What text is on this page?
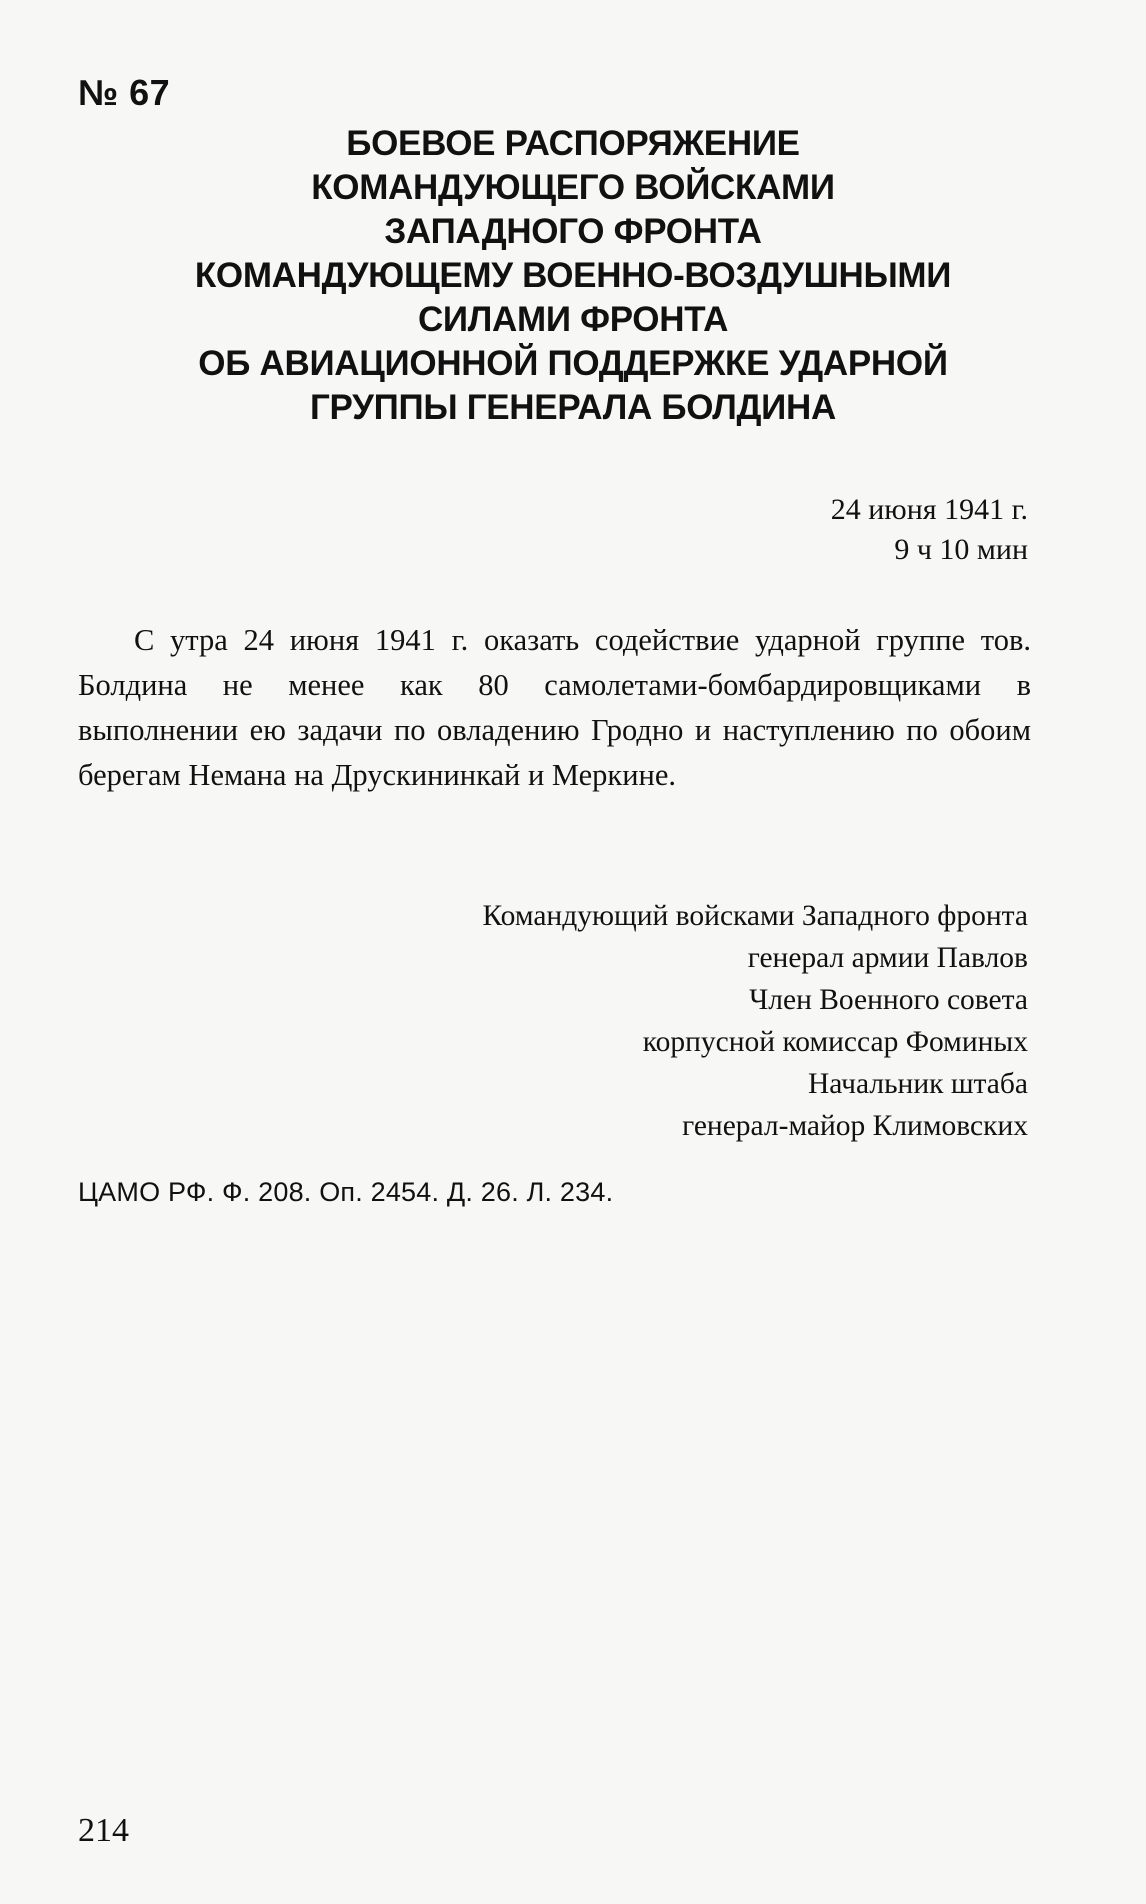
№ 67
БОЕВОЕ РАСПОРЯЖЕНИЕ
КОМАНДУЮЩЕГО ВОЙСКАМИ
ЗАПАДНОГО ФРОНТА
КОМАНДУЮЩЕМУ ВОЕННО-ВОЗДУШНЫМИ
СИЛАМИ ФРОНТА
ОБ АВИАЦИОННОЙ ПОДДЕРЖКЕ УДАРНОЙ
ГРУППЫ ГЕНЕРАЛА БОЛДИНА
24 июня 1941 г.
9 ч 10 мин
С утра 24 июня 1941 г. оказать содействие ударной группе тов. Болдина не менее как 80 самолетами-бомбардировщиками в выполнении ею задачи по овладению Гродно и наступлению по обоим берегам Немана на Друскининкай и Меркине.
Командующий войсками Западного фронта
генерал армии Павлов
Член Военного совета
корпусной комиссар Фоминых
Начальник штаба
генерал-майор Климовских
ЦАМО РФ. Ф. 208. Оп. 2454. Д. 26. Л. 234.
214
